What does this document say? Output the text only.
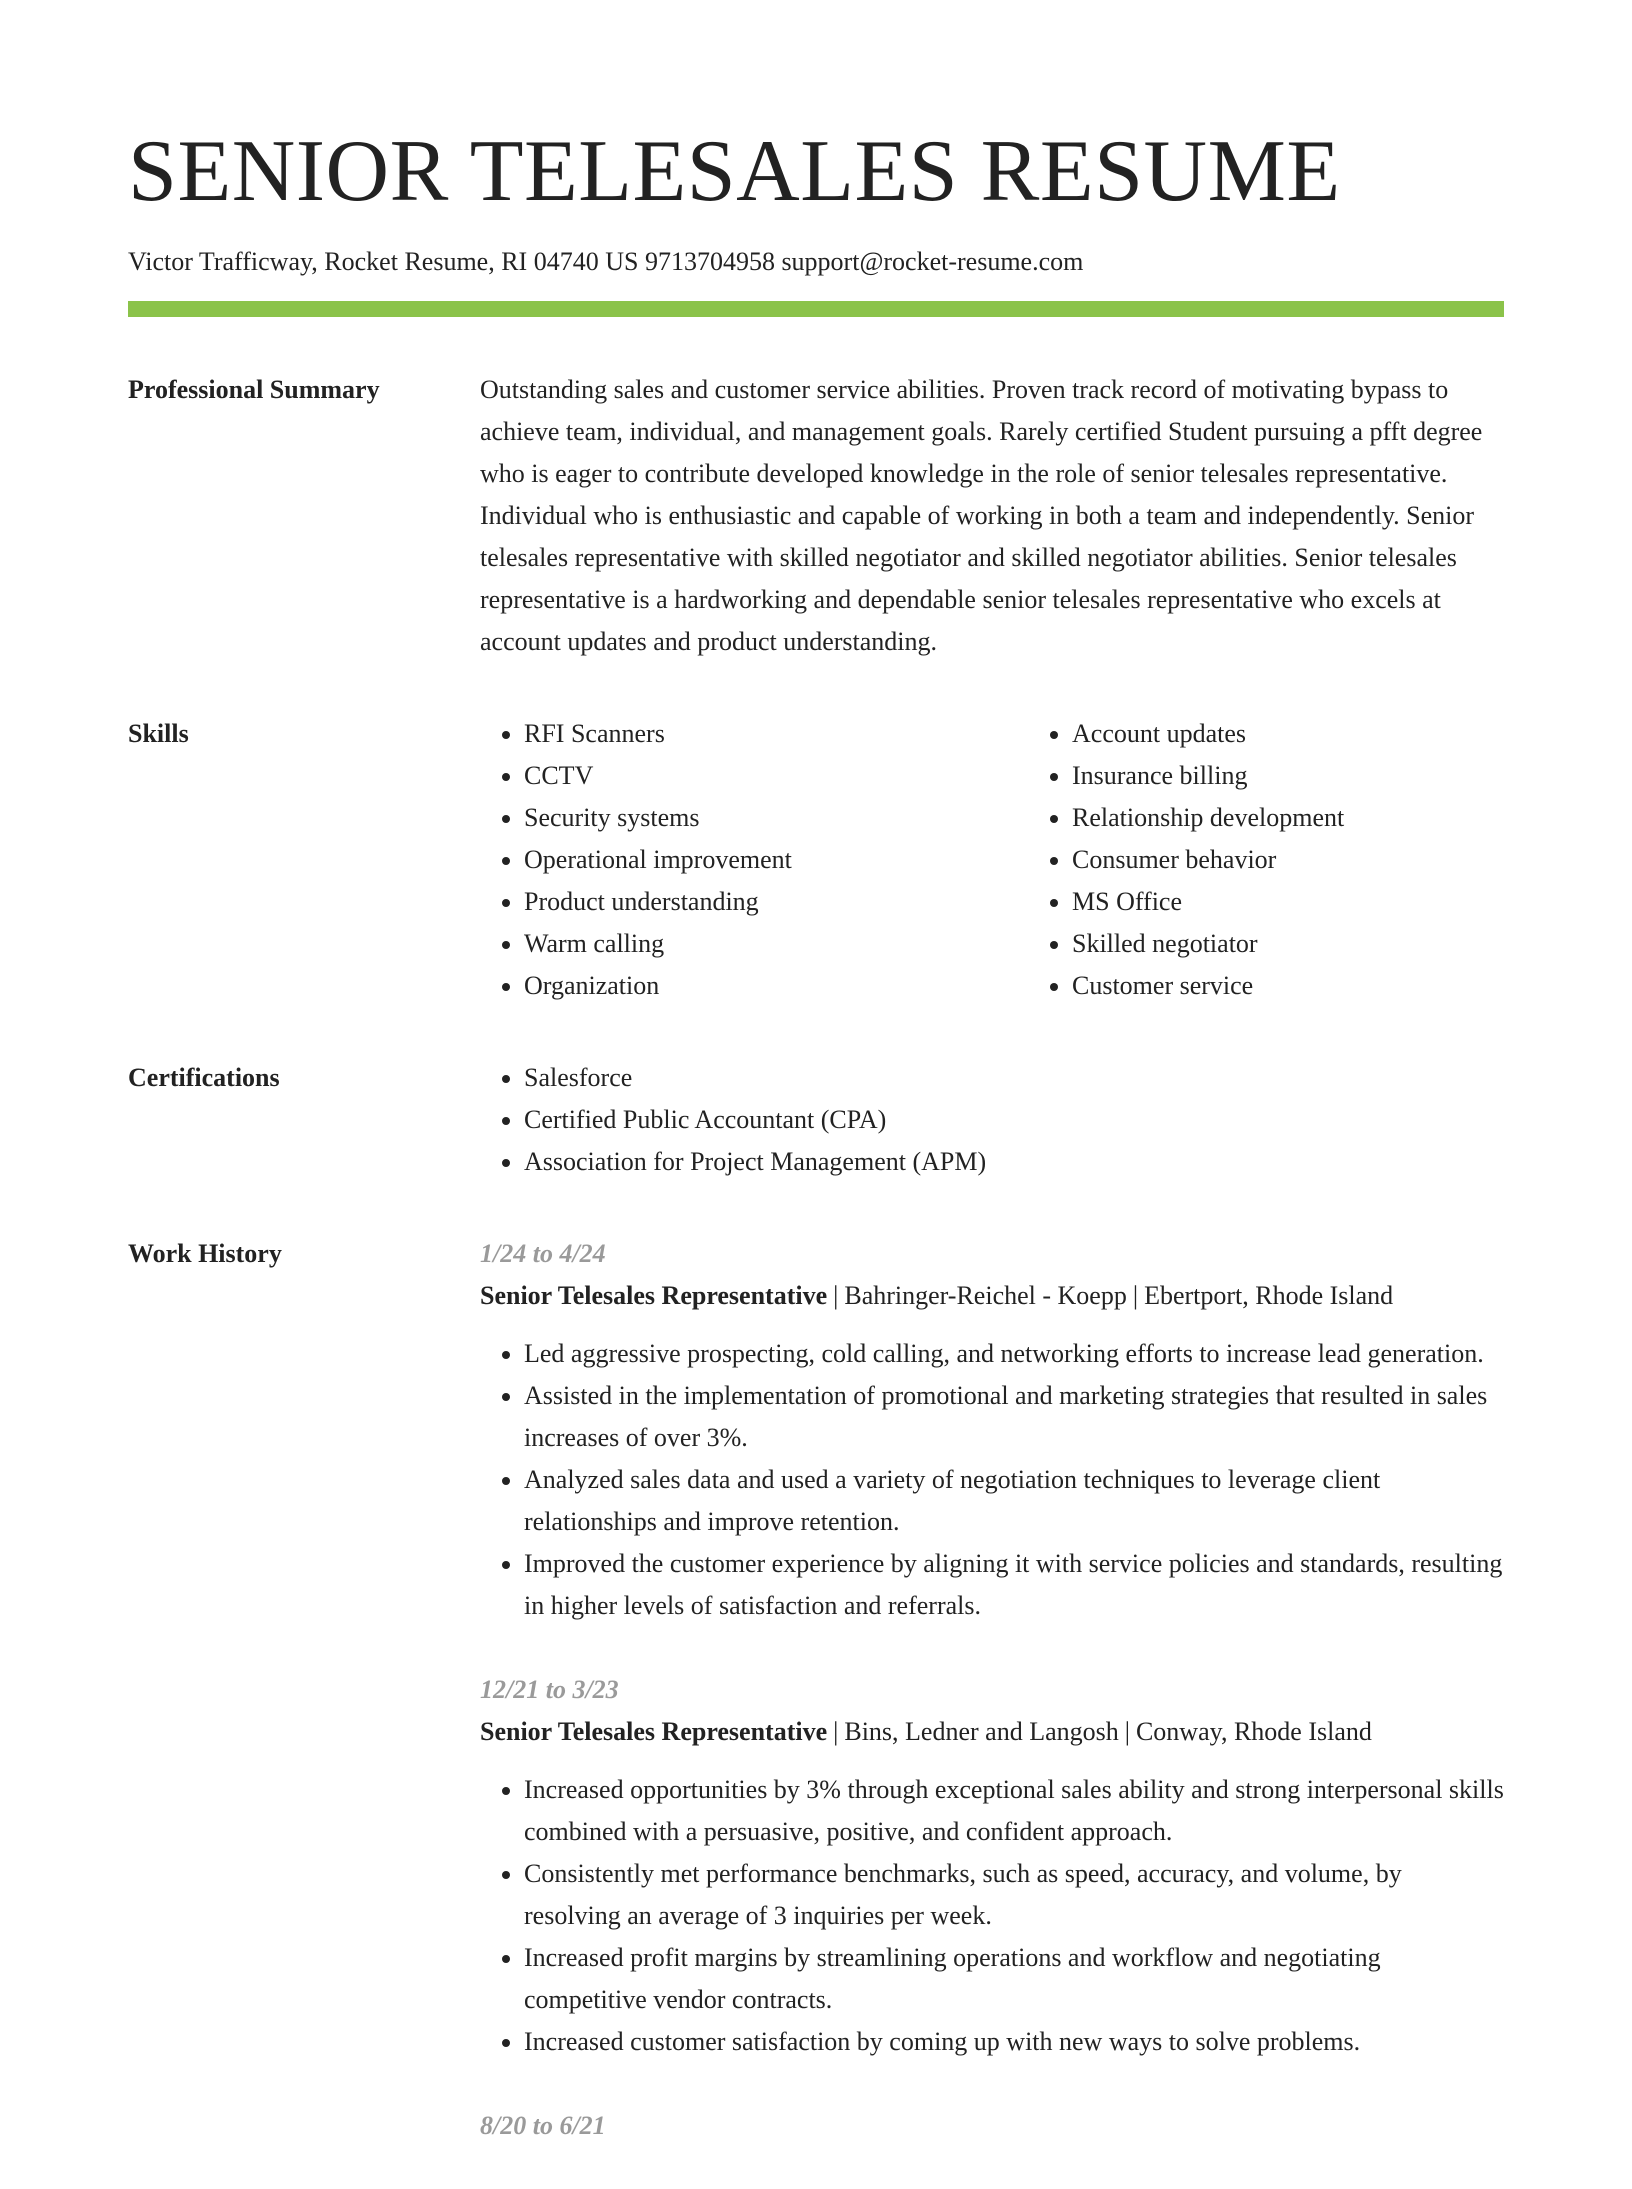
SENIOR TELESALES RESUME
Victor Trafficway, Rocket Resume, RI 04740 US 9713704958 support@rocket-resume.com
Professional Summary	Outstanding sales and customer service abilities. Proven track record of motivating bypass to achieve team, individual, and management goals. Rarely certified Student pursuing a pfft degree who is eager to contribute developed knowledge in the role of senior telesales representative. Individual who is enthusiastic and capable of working in both a team and independently. Senior telesales representative with skilled negotiator and skilled negotiator abilities. Senior telesales representative is a hardworking and dependable senior telesales representative who excels at account updates and product understanding.

Skills	• RFI Scanners
• CCTV
• Security systems
• Operational improvement
• Product understanding
• Warm calling
• Organization
• Account updates
• Insurance billing
• Relationship development
• Consumer behavior
• MS Office
• Skilled negotiator
• Customer service
Certifications	• Salesforce
• Certified Public Accountant (CPA)
• Association for Project Management (APM)
Work History	1/24 to 4/24
Senior Telesales Representative | Bahringer-Reichel - Koepp | Ebertport, Rhode Island
• Led aggressive prospecting, cold calling, and networking efforts to increase lead generation.
• Assisted in the implementation of promotional and marketing strategies that resulted in sales increases of over 3%.
• Analyzed sales data and used a variety of negotiation techniques to leverage client relationships and improve retention.
• Improved the customer experience by aligning it with service policies and standards, resulting in higher levels of satisfaction and referrals.
12/21 to 3/23
Senior Telesales Representative | Bins, Ledner and Langosh | Conway, Rhode Island
• Increased opportunities by 3% through exceptional sales ability and strong interpersonal skills combined with a persuasive, positive, and confident approach.
• Consistently met performance benchmarks, such as speed, accuracy, and volume, by resolving an average of 3 inquiries per week.
• Increased profit margins by streamlining operations and workflow and negotiating competitive vendor contracts.
• Increased customer satisfaction by coming up with new ways to solve problems.
8/20 to 6/21
